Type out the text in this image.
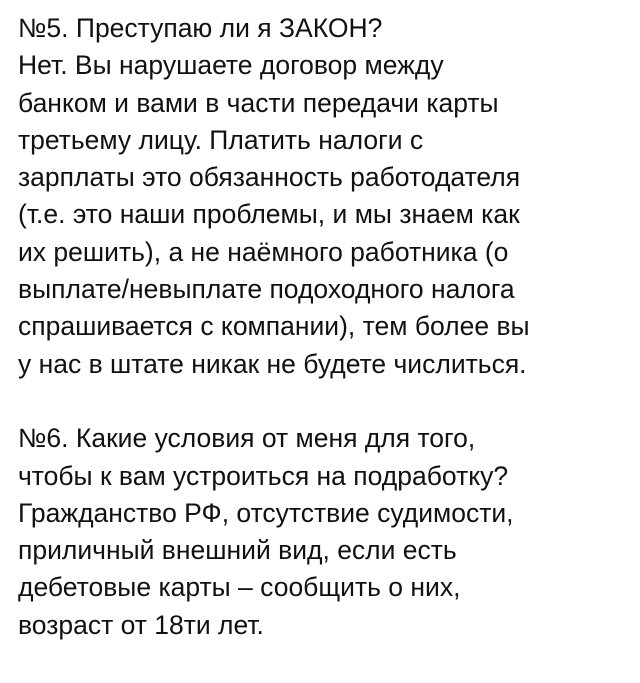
№5. Преступаю ли я ЗАКОН?
Нет. Вы нарушаете договор между
банком и вами в части передачи карты
третьему лицу. Платить налоги с
зарплаты это обязанность работодателя
(т.е. это наши проблемы, и мы знаем как
их решить), а не наёмного работника (о
выплате/невыплате подоходного налога
спрашивается с компании), тем более вы
у нас в штате никак не будете числиться.
№6. Какие условия от меня для того,
чтобы к вам устроиться на подработку?
Гражданство РФ, отсутствие судимости,
приличный внешний вид, если есть
дебетовые карты – сообщить о них,
возраст от 18ти лет.
